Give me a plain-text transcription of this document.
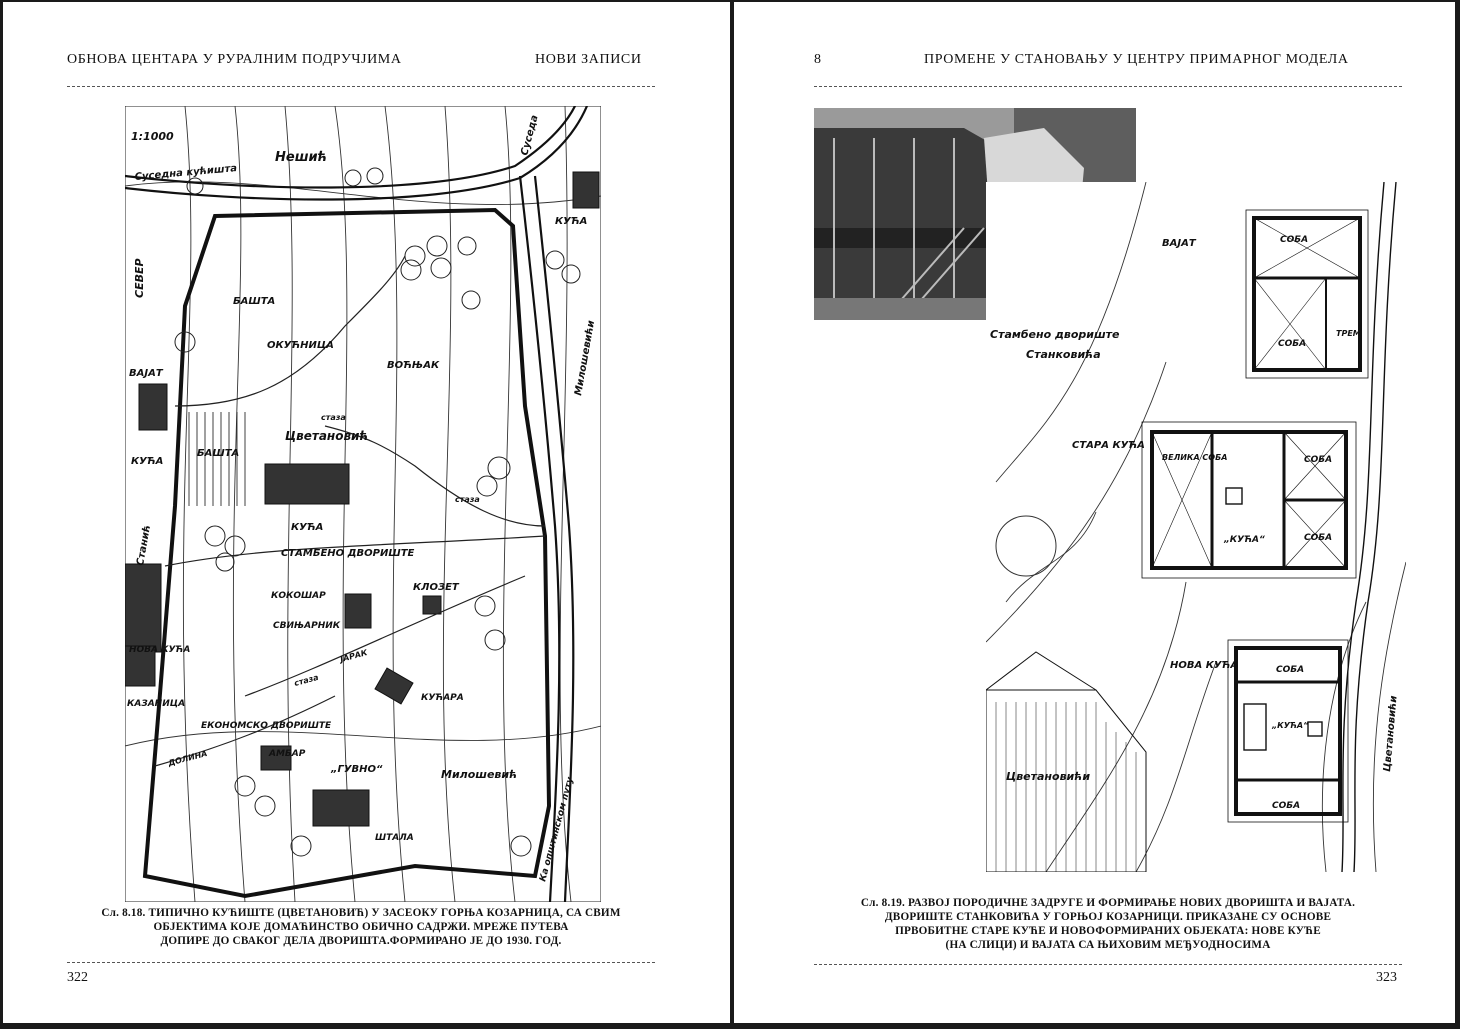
ОБНОВА ЦЕНТАРА У РУРАЛНИМ ПОДРУЧЈИМА	НОВИ ЗАПИСИ
1:1000
Нешић
Суседна кућишта
Суседа
КУЋА
СЕВЕР
БАШТА
ОКУЋНИЦА
ВОЋЊАК
ВАЈАТ
КУЋА
БАШТА
Цветановић
КУЋА
стаза
стаза
СТАМБЕНО ДВОРИШТЕ
КЛОЗЕТ
КОКОШАР
СВИЊАРНИК
ЈАРАК
НОВА КУЋА
КАЗАНИЦА
КУЋАРА
ЕКОНОМСКО ДВОРИШТЕ
АМБАР
„ГУВНО“
ШТАЛА
Станић
Милошевићи
Милошевић
ДОЛИНА
стаза
Ка општинском путу
Сл. 8.18. ТИПИЧНО КУЋИШТЕ (ЦВЕТАНОВИЋ) У ЗАСЕОКУ ГОРЊА КОЗАРНИЦА, СА СВИМ
ОБЈЕКТИМА КОЈЕ ДОМАЋИНСТВО ОБИЧНО САДРЖИ. МРЕЖЕ ПУТЕВА
ДОПИРЕ ДО СВАКОГ ДЕЛА ДВОРИШТА.ФОРМИРАНО ЈЕ ДО 1930. ГОД.
322
8	ПРОМЕНЕ У СТАНОВАЊУ У ЦЕНТРУ ПРИМАРНОГ МОДЕЛА
Стамбено двориште
Станковића
ВАЈАТ	СОБА
СОБА
ТРЕМ
СТАРА КУЋА
ВЕЛИКА СОБА	СОБА
СОБА
„КУЋА“
НОВА КУЋА	СОБА
„КУЋА“
СОБА
Цветановићи
Цветановићи
Сл. 8.19. РАЗВОЈ ПОРОДИЧНЕ ЗАДРУГЕ И ФОРМИРАЊЕ НОВИХ ДВОРИШТА И ВАЈАТА.
ДВОРИШТЕ СТАНКОВИЋА У ГОРЊОЈ КОЗАРНИЦИ. ПРИКАЗАНЕ СУ ОСНОВЕ
ПРВОБИТНЕ СТАРЕ КУЋЕ И НОВОФОРМИРАНИХ ОБЈЕКАТА: НОВЕ КУЋЕ
(НА СЛИЦИ) И ВАЈАТА СА ЊИХОВИМ МЕЂУОДНОСИМА
323
